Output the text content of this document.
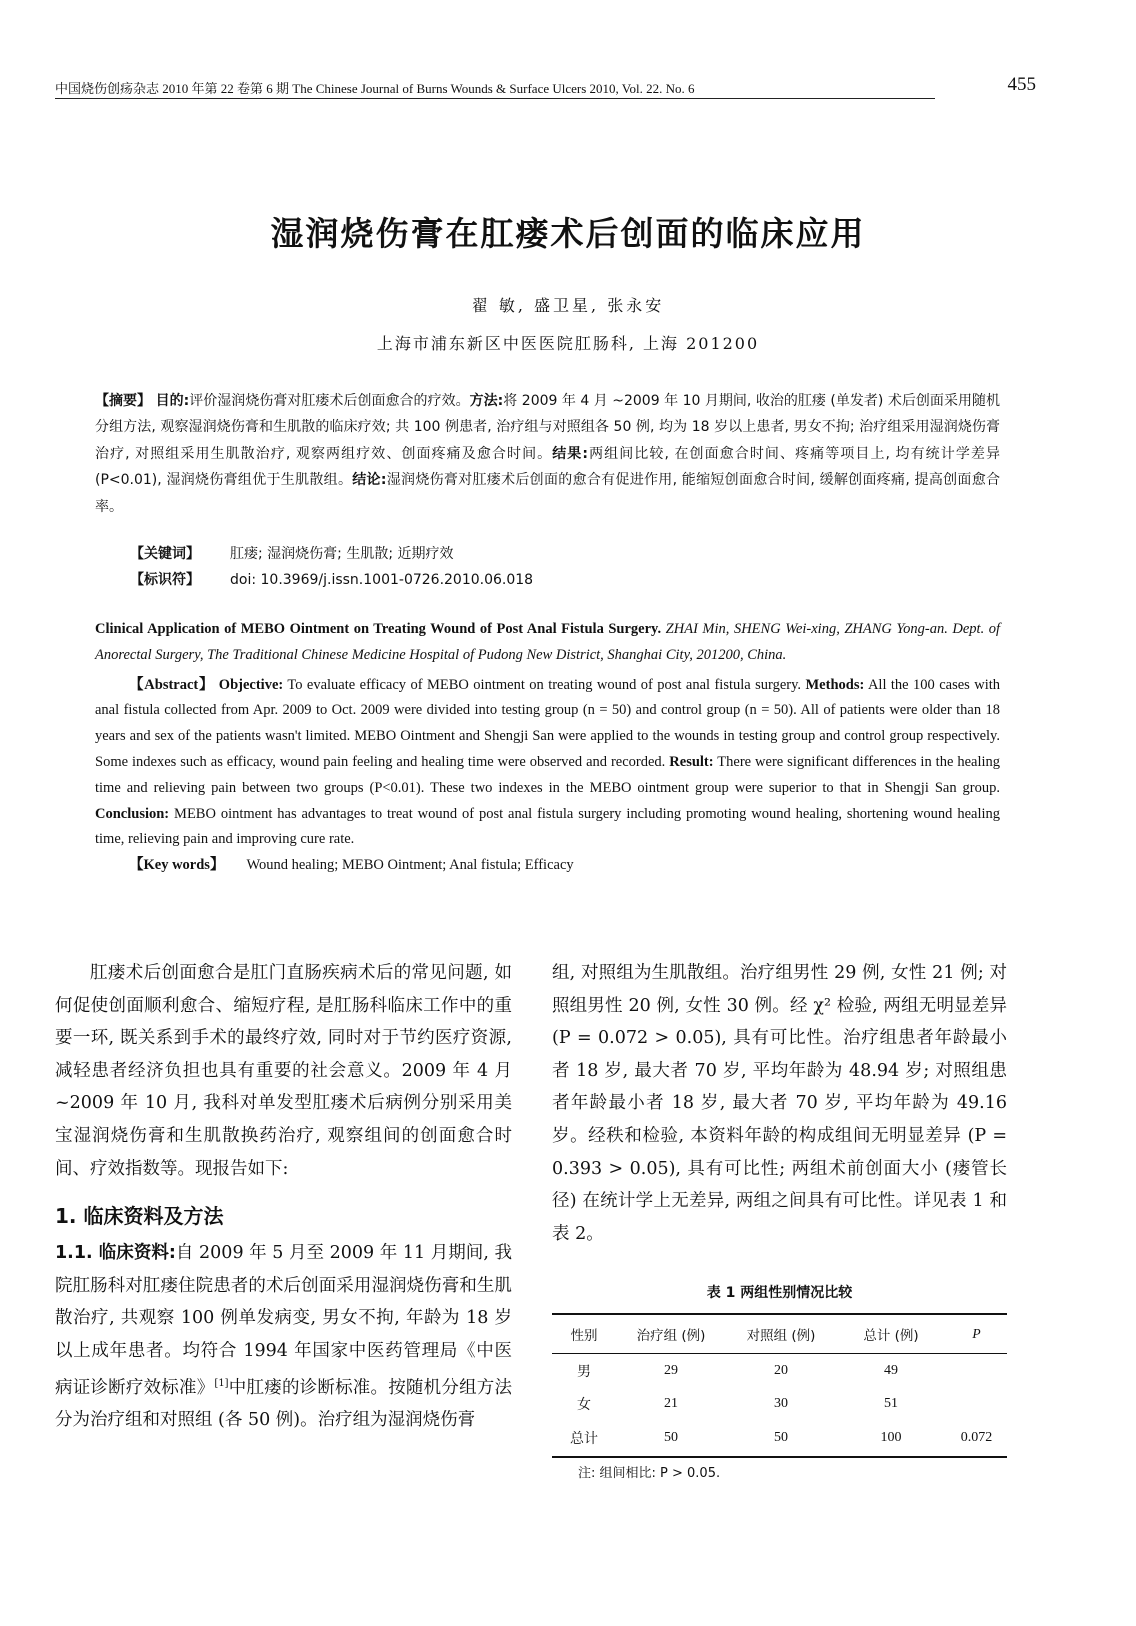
中国烧伤创疡杂志 2010 年第 22 卷第 6 期 The Chinese Journal of Burns Wounds & Surface Ulcers 2010, Vol. 22. No. 6	455
湿润烧伤膏在肛瘘术后创面的临床应用
翟 敏, 盛卫星, 张永安
上海市浦东新区中医医院肛肠科, 上海 201200
【摘要】 目的:评价湿润烧伤膏对肛瘘术后创面愈合的疗效。方法:将 2009 年 4 月 ~2009 年 10 月期间, 收治的肛瘘 (单发者) 术后创面采用随机分组方法, 观察湿润烧伤膏和生肌散的临床疗效; 共 100 例患者, 治疗组与对照组各 50 例, 均为 18 岁以上患者, 男女不拘; 治疗组采用湿润烧伤膏治疗, 对照组采用生肌散治疗, 观察两组疗效、创面疼痛及愈合时间。结果:两组间比较, 在创面愈合时间、疼痛等项目上, 均有统计学差异 (P<0.01), 湿润烧伤膏组优于生肌散组。结论:湿润烧伤膏对肛瘘术后创面的愈合有促进作用, 能缩短创面愈合时间, 缓解创面疼痛, 提高创面愈合率。
【关键词】 肛瘘; 湿润烧伤膏; 生肌散; 近期疗效
【标识符】 doi: 10.3969/j.issn.1001-0726.2010.06.018
Clinical Application of MEBO Ointment on Treating Wound of Post Anal Fistula Surgery. ZHAI Min, SHENG Wei-xing, ZHANG Yong-an. Dept. of Anorectal Surgery, The Traditional Chinese Medicine Hospital of Pudong New District, Shanghai City, 201200, China.
【Abstract】 Objective: To evaluate efficacy of MEBO ointment on treating wound of post anal fistula surgery. Methods: All the 100 cases with anal fistula collected from Apr. 2009 to Oct. 2009 were divided into testing group (n = 50) and control group (n = 50). All of patients were older than 18 years and sex of the patients wasn't limited. MEBO Ointment and Shengji San were applied to the wounds in testing group and control group respectively. Some indexes such as efficacy, wound pain feeling and healing time were observed and recorded. Result: There were significant differences in the healing time and relieving pain between two groups (P<0.01). These two indexes in the MEBO ointment group were superior to that in Shengji San group. Conclusion: MEBO ointment has advantages to treat wound of post anal fistula surgery including promoting wound healing, shortening wound healing time, relieving pain and improving cure rate.
【Key words】 Wound healing; MEBO Ointment; Anal fistula; Efficacy
肛瘘术后创面愈合是肛门直肠疾病术后的常见问题, 如何促使创面顺利愈合、缩短疗程, 是肛肠科临床工作中的重要一环, 既关系到手术的最终疗效, 同时对于节约医疗资源, 减轻患者经济负担也具有重要的社会意义。2009 年 4 月 ~2009 年 10 月, 我科对单发型肛瘘术后病例分别采用美宝湿润烧伤膏和生肌散换药治疗, 观察组间的创面愈合时间、疗效指数等。现报告如下:
1. 临床资料及方法
1.1. 临床资料:自 2009 年 5 月至 2009 年 11 月期间, 我院肛肠科对肛瘘住院患者的术后创面采用湿润烧伤膏和生肌散治疗, 共观察 100 例单发病变, 男女不拘, 年龄为 18 岁以上成年患者。均符合 1994 年国家中医药管理局《中医病证诊断疗效标准》[1]中肛瘘的诊断标准。按随机分组方法分为治疗组和对照组 (各 50 例)。治疗组为湿润烧伤膏
组, 对照组为生肌散组。治疗组男性 29 例, 女性 21 例; 对照组男性 20 例, 女性 30 例。经 χ² 检验, 两组无明显差异 (P = 0.072 > 0.05), 具有可比性。治疗组患者年龄最小者 18 岁, 最大者 70 岁, 平均年龄为 48.94 岁; 对照组患者年龄最小者 18 岁, 最大者 70 岁, 平均年龄为 49.16 岁。经秩和检验, 本资料年龄的构成组间无明显差异 (P = 0.393 > 0.05), 具有可比性; 两组术前创面大小 (瘘管长径) 在统计学上无差异, 两组之间具有可比性。详见表 1 和表 2。
表 1 两组性别情况比较
性别	治疗组 (例)	对照组 (例)	总计 (例)	P
男	29	20	49	
女	21	30	51	
总计	50	50	100	0.072
注: 组间相比: P > 0.05.
